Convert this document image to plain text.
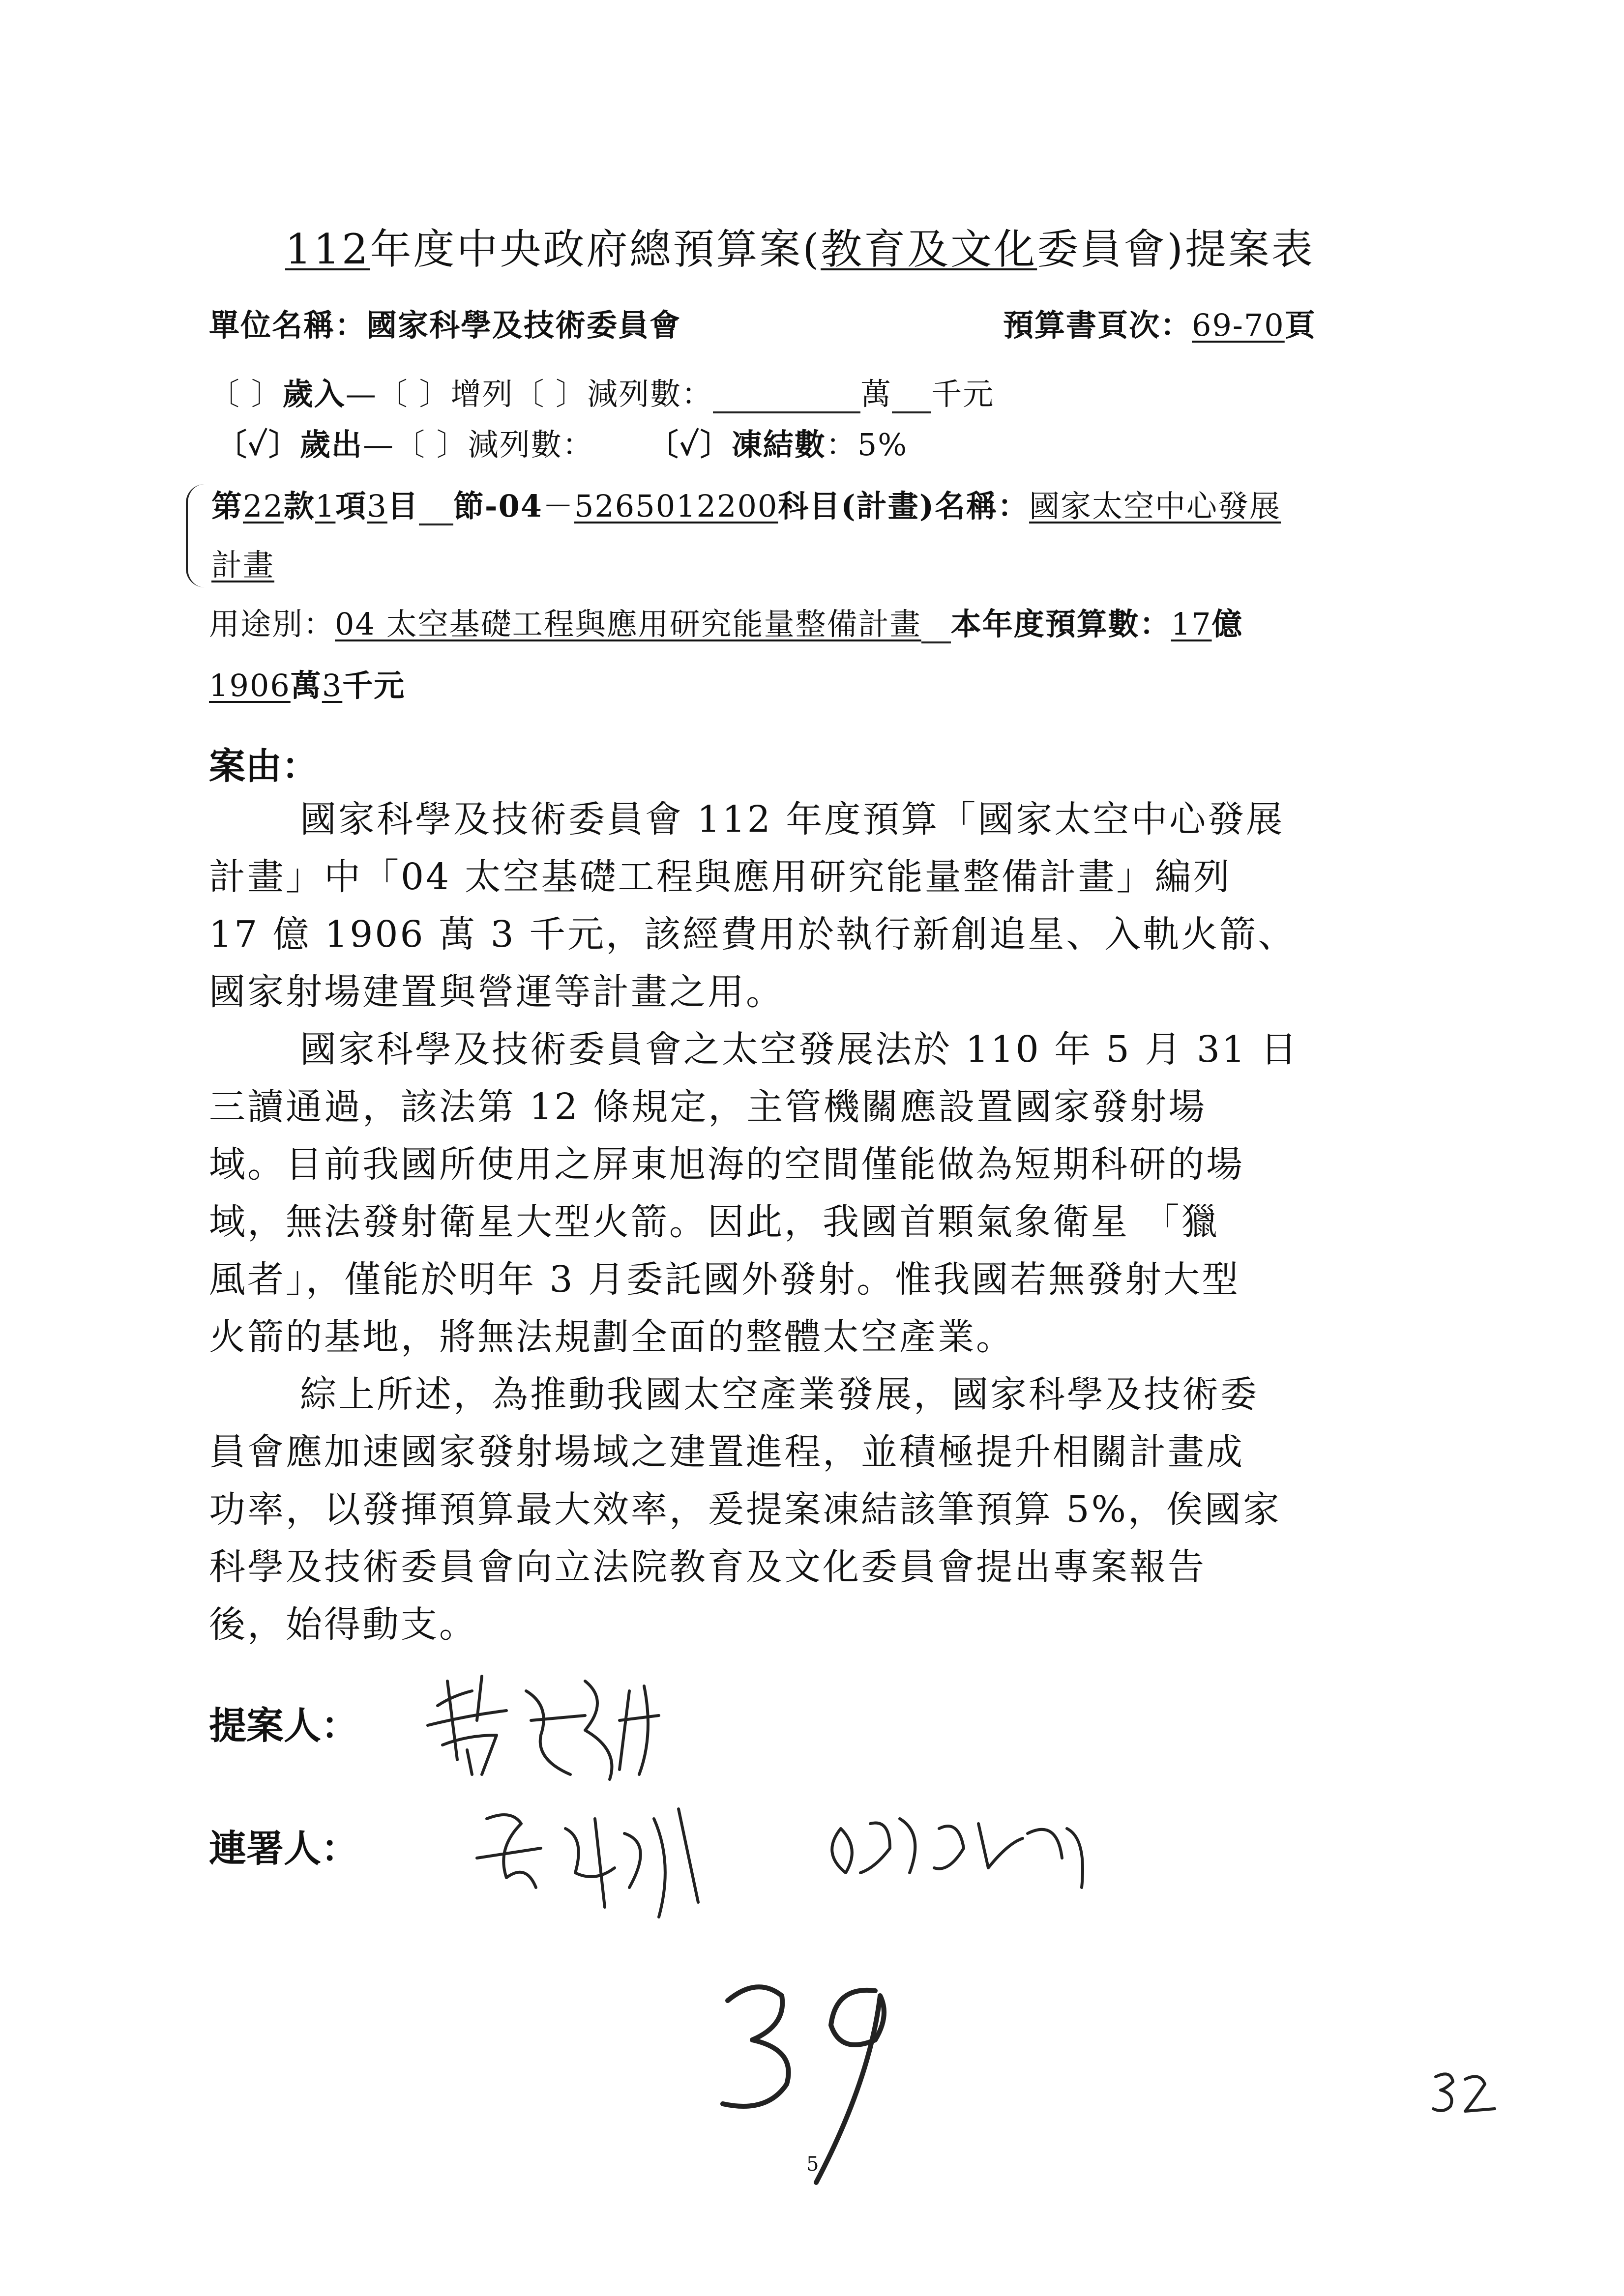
112年度中央政府總預算案(教育及文化委員會)提案表
單位名稱：國家科學及技術委員會	預算書頁次：69-70頁
〔 〕歲入—〔 〕增列〔 〕減列數：	萬 千元
〔✓〕歲出—〔 〕減列數： 〔✓〕凍結數：5%
第22款1項3目 節-04－5265012200科目(計畫)名稱：國家太空中心發展
計畫
用途別：04 太空基礎工程與應用研究能量整備計畫 本年度預算數：17億
1906萬3千元
案由：
國家科學及技術委員會 112 年度預算「國家太空中心發展
計畫」中「04 太空基礎工程與應用研究能量整備計畫」編列
17 億 1906 萬 3 千元，該經費用於執行新創追星、入軌火箭、
國家射場建置與營運等計畫之用。
國家科學及技術委員會之太空發展法於 110 年 5 月 31 日
三讀通過，該法第 12 條規定，主管機關應設置國家發射場
域。目前我國所使用之屏東旭海的空間僅能做為短期科研的場
域，無法發射衛星大型火箭。因此，我國首顆氣象衛星 「獵
風者」，僅能於明年 3 月委託國外發射。惟我國若無發射大型
火箭的基地，將無法規劃全面的整體太空產業。
綜上所述，為推動我國太空產業發展，國家科學及技術委
員會應加速國家發射場域之建置進程，並積極提升相關計畫成
功率，以發揮預算最大效率，爰提案凍結該筆預算 5%，俟國家
科學及技術委員會向立法院教育及文化委員會提出專案報告
後，始得動支。
提案人：
連署人：
5
